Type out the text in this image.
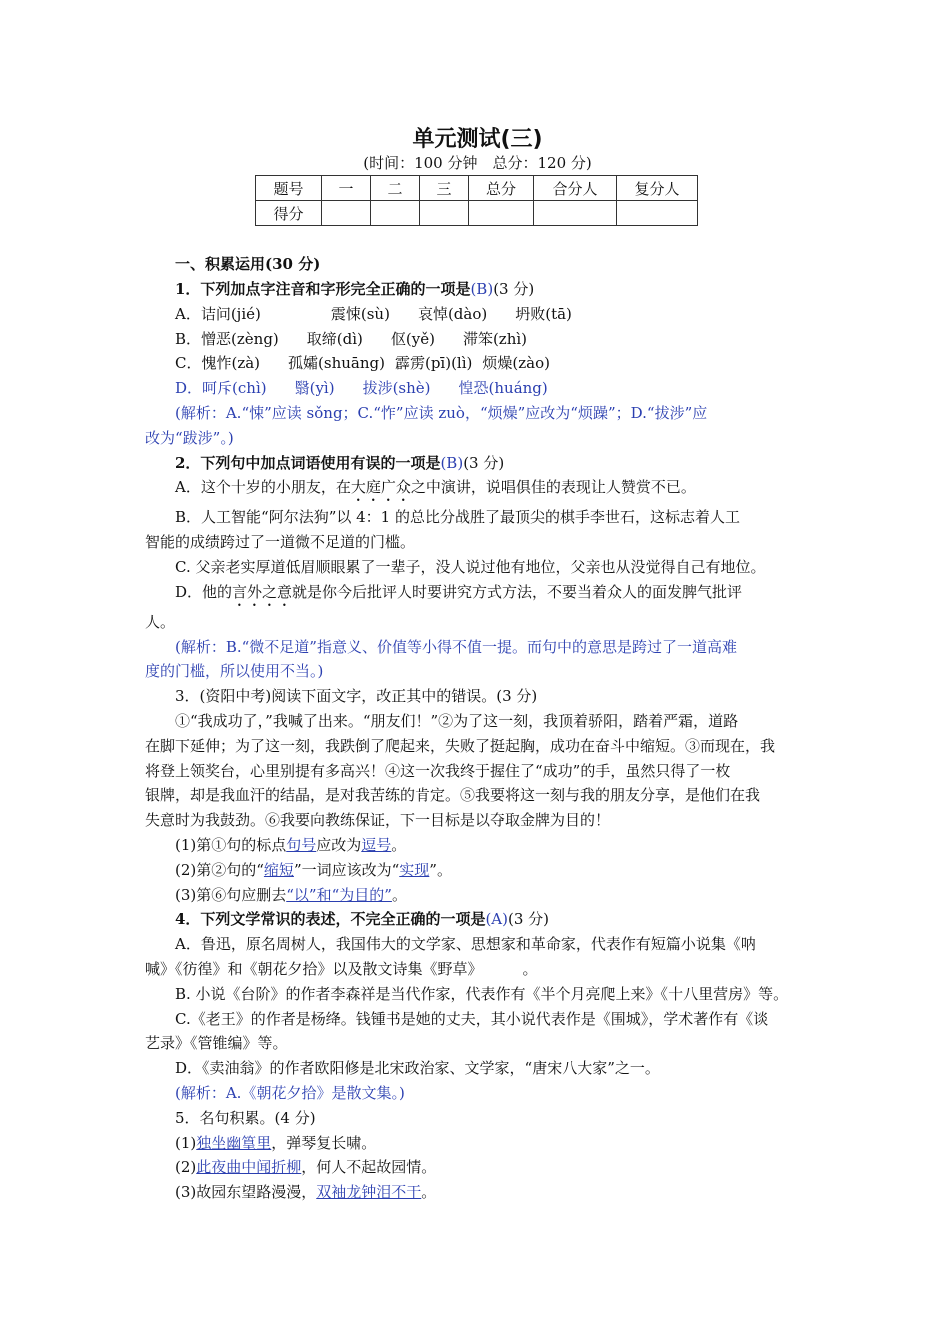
单元测试(三)
(时间：100 分钟　总分：120 分)
题号	一	二	三	总分	合分人	复分人
得分						
一、积累运用(30 分)

1．下列加点字注音和字形完全正确的一项是(B)(3 分)

A．诘问(jié)	震悚(sù) 哀悼(dào) 坍败(tā)

B．憎恶(zèng) 取缔(dì) 伛(yě) 滞笨(zhì)

C．愧怍(zà) 孤孀(shuāng) 霹雳(pī)(lì) 烦燥(zào)

D．呵斥(chì) 翳(yì) 拔涉(shè) 惶恐(huáng)

(解析：A.“悚”应读 sǒng；C.“怍”应读 zuò，“烦燥”应改为“烦躁”；D.“拔涉”应

改为“跋涉”。)

2．下列句中加点词语使用有误的一项是(B)(3 分)

A．这个十岁的小朋友，在大庭广众之中演讲，说唱俱佳的表现让人赞赏不已。

B．人工智能“阿尔法狗”以 4：1 的总比分战胜了最顶尖的棋手李世石，这标志着人工

智能的成绩跨过了一道微不足道的门槛。

C. 父亲老实厚道低眉顺眼累了一辈子，没人说过他有地位，父亲也从没觉得自己有地位。

D．他的言外之意就是你今后批评人时要讲究方式方法，不要当着众人的面发脾气批评

人。

(解析：B.“微不足道”指意义、价值等小得不值一提。而句中的意思是跨过了一道高难

度的门槛，所以使用不当。)

3．(资阳中考)阅读下面文字，改正其中的错误。(3 分)

①“我成功了，”我喊了出来。“朋友们！”②为了这一刻，我顶着骄阳，踏着严霜，道路

在脚下延伸；为了这一刻，我跌倒了爬起来，失败了挺起胸，成功在奋斗中缩短。③而现在，我

将登上领奖台，心里别提有多高兴！④这一次我终于握住了“成功”的手，虽然只得了一枚

银牌，却是我血汗的结晶，是对我苦练的肯定。⑤我要将这一刻与我的朋友分享，是他们在我

失意时为我鼓劲。⑥我要向教练保证，下一目标是以夺取金牌为目的！

(1)第①句的标点句号应改为逗号。

(2)第②句的“缩短”一词应该改为“实现”。

(3)第⑥句应删去“以”和“为目的”。

4．下列文学常识的表述，不完全正确的一项是(A)(3 分)

A．鲁迅，原名周树人，我国伟大的文学家、思想家和革命家，代表作有短篇小说集《呐

喊》《彷徨》和《朝花夕拾》以及散文诗集《野草》	。

B. 小说《台阶》的作者李森祥是当代作家，代表作有《半个月亮爬上来》《十八里营房》等。

C.《老王》的作者是杨绛。钱锺书是她的丈夫，其小说代表作是《围城》，学术著作有《谈

艺录》《管锥编》等。

D．《卖油翁》的作者欧阳修是北宋政治家、文学家，“唐宋八大家”之一。

(解析：A.《朝花夕拾》是散文集。)

5．名句积累。(4 分)

(1)独坐幽篁里，弹琴复长啸。

(2)此夜曲中闻折柳，何人不起故园情。

(3)故园东望路漫漫，双袖龙钟泪不干。
